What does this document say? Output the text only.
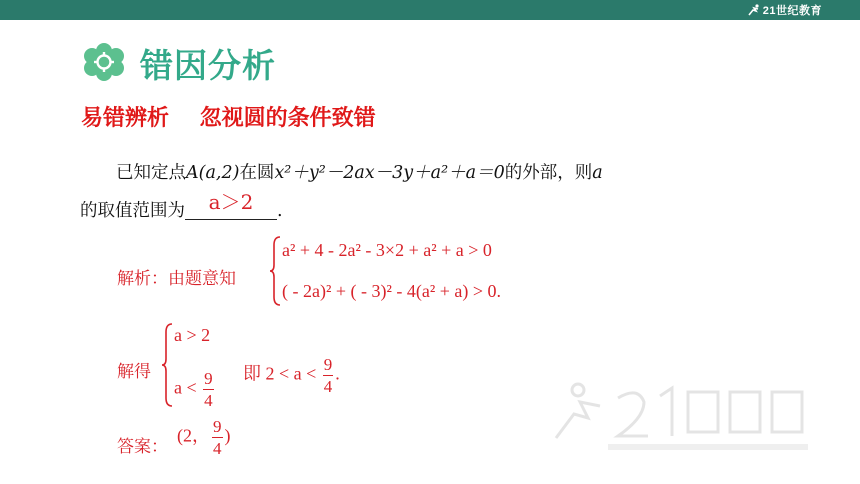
21世纪教育
错因分析
易错辨析 忽视圆的条件致错
已知定点A(a,2)在圆x²＋y²－2ax－3y＋a²＋a＝0的外部，则a
的取值范围为	a＞2	.
解析：由题意知
a² + 4 - 2a² - 3×2 + a² + a > 0
( - 2a)² + ( - 3)² - 4(a² + a) > 0.
解得
a > 2
$a < \frac{9}{4}$ 即 $2 < a < \frac{9}{4}$ .
答案：
(2， $\frac{9}{4}$ )
